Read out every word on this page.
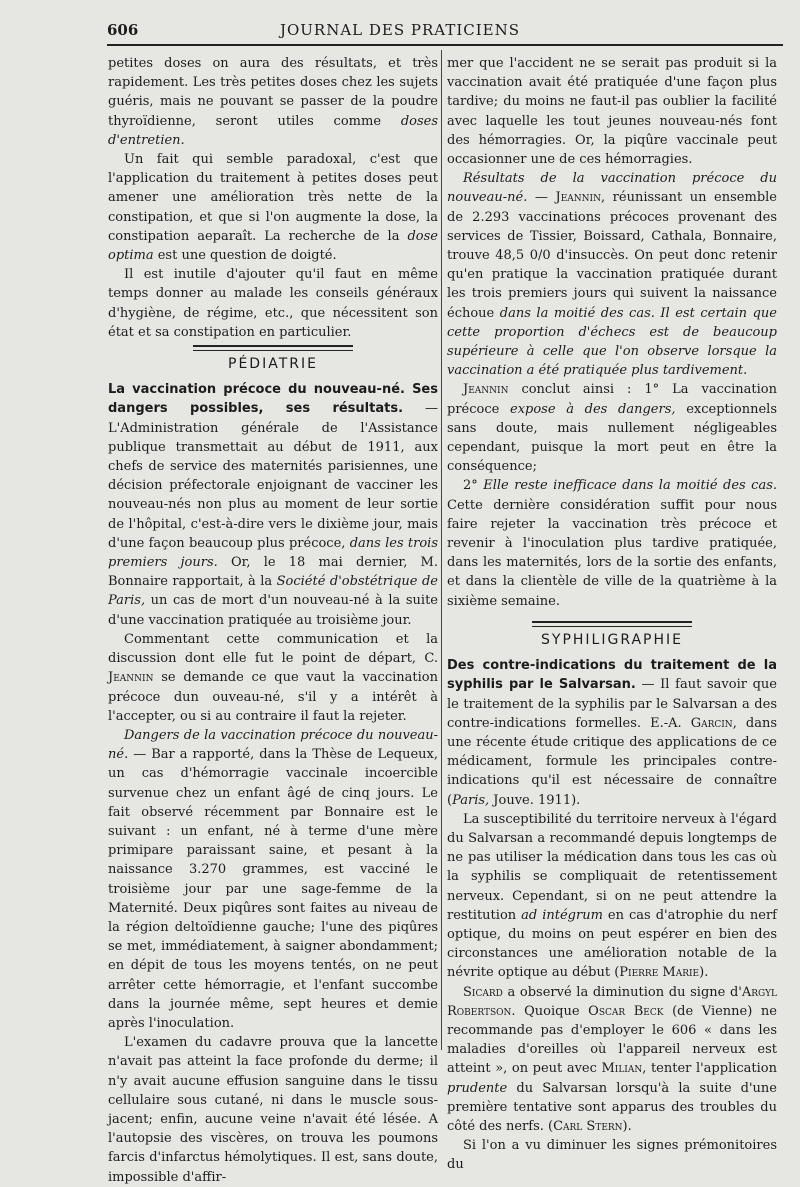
606	JOURNAL DES PRATICIENS

petites doses on aura des résultats, et très rapidement. Les très petites doses chez les sujets guéris, mais ne pouvant se passer de la poudre thyroïdienne, seront utiles comme doses d'entretien.

Un fait qui semble paradoxal, c'est que l'application du traitement à petites doses peut amener une amélioration très nette de la constipation, et que si l'on augmente la dose, la constipation aeparaît. La recherche de la dose optima est une question de doigté.

Il est inutile d'ajouter qu'il faut en même temps donner au malade les conseils généraux d'hygiène, de régime, etc., que nécessitent son état et sa constipation en particulier.

PÉDIATRIE

La vaccination précoce du nouveau-né. Ses dangers possibles, ses résultats. — L'Administration générale de l'Assistance publique transmettait au début de 1911, aux chefs de service des maternités parisiennes, une décision préfectorale enjoignant de vacciner les nouveau-nés non plus au moment de leur sortie de l'hôpital, c'est-à-dire vers le dixième jour, mais d'une façon beaucoup plus précoce, dans les trois premiers jours. Or, le 18 mai dernier, M. Bonnaire rapportait, à la Société d'obstétrique de Paris, un cas de mort d'un nouveau-né à la suite d'une vaccination pratiquée au troisième jour.

Commentant cette communication et la discussion dont elle fut le point de départ, C. Jeannin se demande ce que vaut la vaccination précoce dun ouveau-né, s'il y a intérêt à l'accepter, ou si au contraire il faut la rejeter.

Dangers de la vaccination précoce du nouveau-né. — Bar a rapporté, dans la Thèse de Lequeux, un cas d'hémorragie vaccinale incoercible survenue chez un enfant âgé de cinq jours. Le fait observé récemment par Bonnaire est le suivant : un enfant, né à terme d'une mère primipare paraissant saine, et pesant à la naissance 3.270 grammes, est vacciné le troisième jour par une sage-femme de la Maternité. Deux piqûres sont faites au niveau de la région deltoïdienne gauche; l'une des piqûres se met, immédiatement, à saigner abondamment; en dépit de tous les moyens tentés, on ne peut arrêter cette hémorragie, et l'enfant succombe dans la journée même, sept heures et demie après l'inoculation.

L'examen du cadavre prouva que la lancette n'avait pas atteint la face profonde du derme; il n'y avait aucune effusion sanguine dans le tissu cellulaire sous cutané, ni dans le muscle sous-jacent; enfin, aucune veine n'avait été lésée. A l'autopsie des viscères, on trouva les poumons farcis d'infarctus hémolytiques. Il est, sans doute, impossible d'affir-

mer que l'accident ne se serait pas produit si la vaccination avait été pratiquée d'une façon plus tardive; du moins ne faut-il pas oublier la facilité avec laquelle les tout jeunes nouveau-nés font des hémorragies. Or, la piqûre vaccinale peut occasionner une de ces hémorragies.

Résultats de la vaccination précoce du nouveau-né. — Jeannin, réunissant un ensemble de 2.293 vaccinations précoces provenant des services de Tissier, Boissard, Cathala, Bonnaire, trouve 48,5 0/0 d'insuccès. On peut donc retenir qu'en pratique la vaccination pratiquée durant les trois premiers jours qui suivent la naissance échoue dans la moitié des cas. Il est certain que cette proportion d'échecs est de beaucoup supérieure à celle que l'on observe lorsque la vaccination a été pratiquée plus tardivement.

Jeannin conclut ainsi : 1° La vaccination précoce expose à des dangers, exceptionnels sans doute, mais nullement négligeables cependant, puisque la mort peut en être la conséquence;

2° Elle reste inefficace dans la moitié des cas. Cette dernière considération suffit pour nous faire rejeter la vaccination très précoce et revenir à l'inoculation plus tardive pratiquée, dans les maternités, lors de la sortie des enfants, et dans la clientèle de ville de la quatrième à la sixième semaine.

SYPHILIGRAPHIE

Des contre-indications du traitement de la syphilis par le Salvarsan. — Il faut savoir que le traitement de la syphilis par le Salvarsan a des contre-indications formelles. E.-A. Garcin, dans une récente étude critique des applications de ce médicament, formule les principales contre-indications qu'il est nécessaire de connaître (Paris, Jouve. 1911).

La susceptibilité du territoire nerveux à l'égard du Salvarsan a recommandé depuis longtemps de ne pas utiliser la médication dans tous les cas où la syphilis se compliquait de retentissement nerveux. Cependant, si on ne peut attendre la restitution ad intégrum en cas d'atrophie du nerf optique, du moins on peut espérer en bien des circonstances une amélioration notable de la névrite optique au début (Pierre Marie).

Sicard a observé la diminution du signe d'Argyl Robertson. Quoique Oscar Beck (de Vienne) ne recommande pas d'employer le 606 « dans les maladies d'oreilles où l'appareil nerveux est atteint », on peut avec Milian, tenter l'application prudente du Salvarsan lorsqu'à la suite d'une première tentative sont apparus des troubles du côté des nerfs. (Carl Stern).

Si l'on a vu diminuer les signes prémonitoires du
